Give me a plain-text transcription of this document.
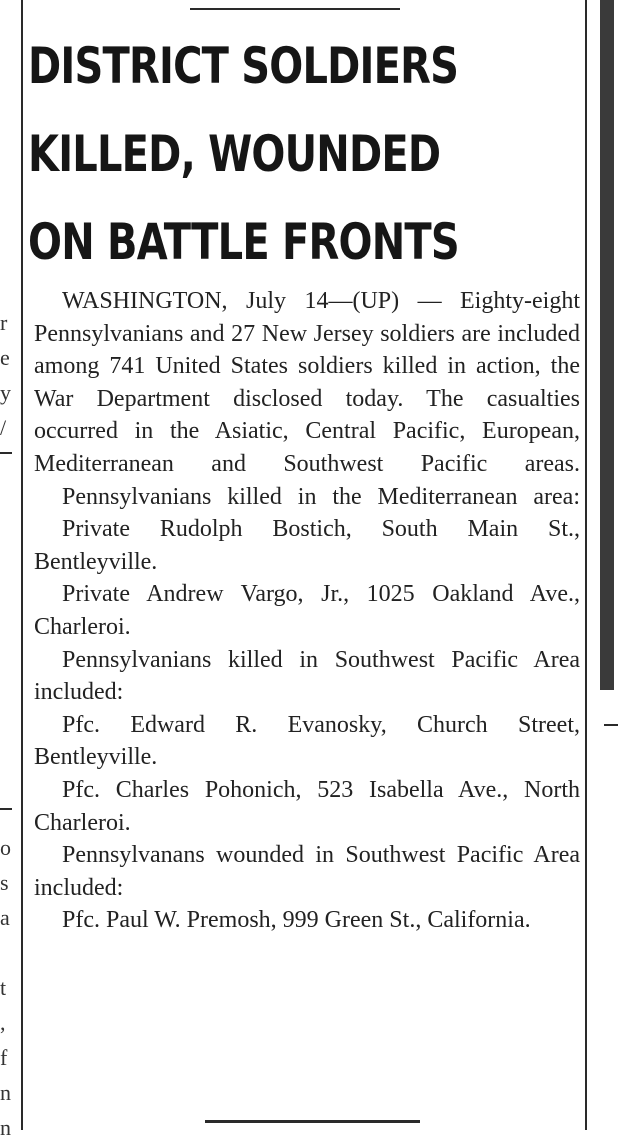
r
e
y
/
o
s
a

t
,
f
n
n
DISTRICT SOLDIERS
KILLED, WOUNDED
ON BATTLE FRONTS

WASHINGTON, July 14—(UP) — Eighty-eight Pennsylvanians and 27 New Jersey soldiers are included among 741 United States soldiers killed in action, the War Department disclosed today. The casualties occurred in the Asiatic, Central Pacific, European, Mediterranean and Southwest Pacific areas.

Pennsylvanians killed in the Mediterranean area:

Private Rudolph Bostich, South Main St., Bentleyville.

Private Andrew Vargo, Jr., 1025 Oakland Ave., Charleroi.

Pennsylvanians killed in Southwest Pacific Area included:

Pfc. Edward R. Evanosky, Church Street, Bentleyville.

Pfc. Charles Pohonich, 523 Isabella Ave., North Charleroi.

Pennsylvanans wounded in Southwest Pacific Area included:

Pfc. Paul W. Premosh, 999 Green St., California.
